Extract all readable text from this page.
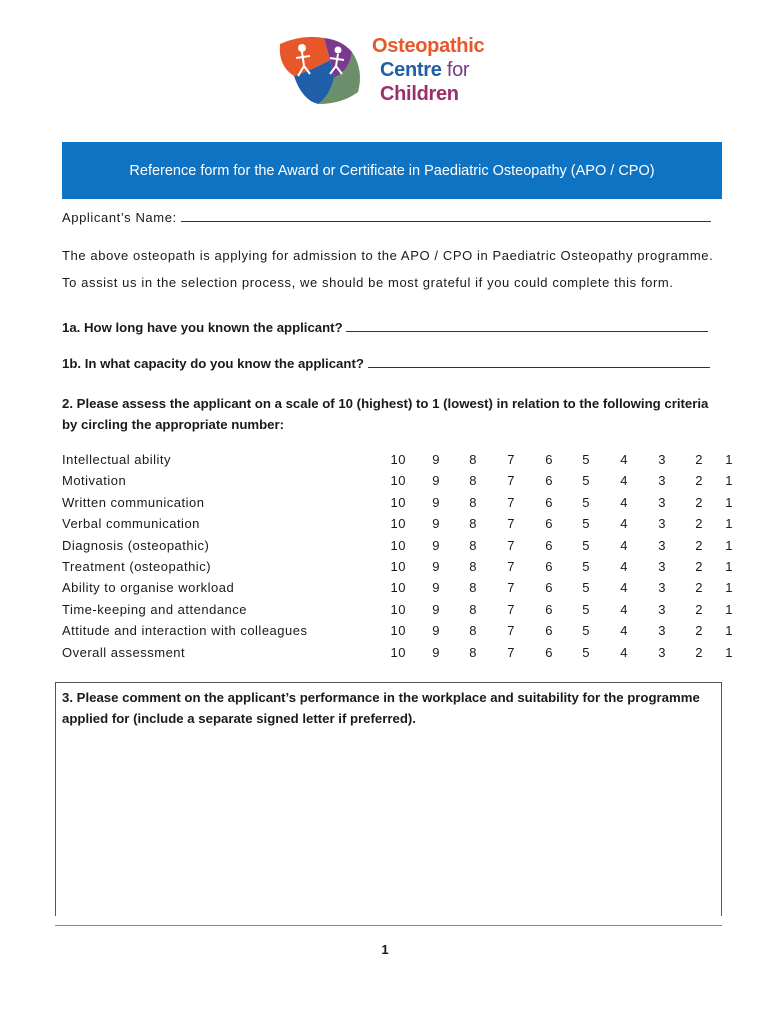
Osteopathic
Centre for
Children
Reference form for the Award or Certificate in Paediatric Osteopathy (APO / CPO)
Applicant’s Name:
The above osteopath is applying for admission to the APO / CPO in Paediatric Osteopathy programme.
To assist us in the selection process, we should be most grateful if you could complete this form.
1a. How long have you known the applicant?
1b. In what capacity do you know the applicant?
2. Please assess the applicant on a scale of 10 (highest) to 1 (lowest) in relation to the following criteria by circling the appropriate number:
Intellectual ability	10	9	8	7	6	5	4	3	2	1
Motivation	10	9	8	7	6	5	4	3	2	1
Written communication	10	9	8	7	6	5	4	3	2	1
Verbal communication	10	9	8	7	6	5	4	3	2	1
Diagnosis (osteopathic)	10	9	8	7	6	5	4	3	2	1
Treatment (osteopathic)	10	9	8	7	6	5	4	3	2	1
Ability to organise workload	10	9	8	7	6	5	4	3	2	1
Time-keeping and attendance	10	9	8	7	6	5	4	3	2	1
Attitude and interaction with colleagues	10	9	8	7	6	5	4	3	2	1
Overall assessment	10	9	8	7	6	5	4	3	2	1
3. Please comment on the applicant’s performance in the workplace and suitability for the programme applied for (include a separate signed letter if preferred).
1
